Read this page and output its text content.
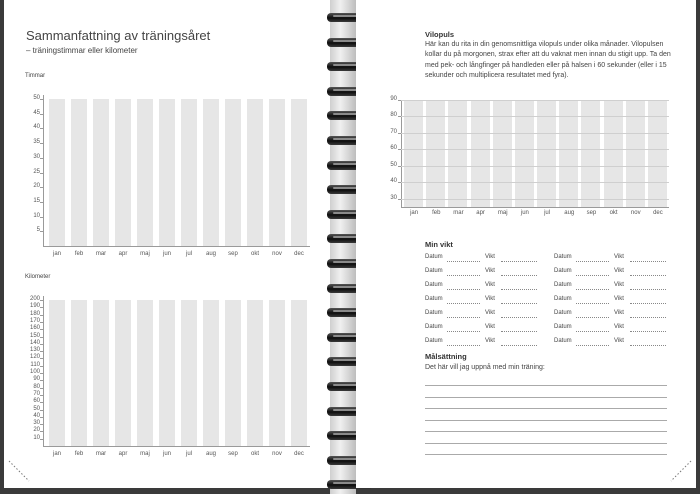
Sammanfattning av träningsåret

– träningstimmar eller kilometer

Timmar
5
10
15
20
25
30
35
40
45
50
jan	feb	mar	apr	maj	jun	jul	aug	sep	okt	nov	dec
Kilometer
10
20
30
40
50
60
70
80
90
100
110
120
130
140
150
160
170
180
190
200
jan	feb	mar	apr	maj	jun	jul	aug	sep	okt	nov	dec

Vilopuls

Här kan du rita in din genomsnittliga vilopuls under olika månader. Vilopulsen kollar du på morgonen, strax efter att du vaknat men innan du stigit upp. Ta den med pek- och långfinger på handleden eller på halsen i 60 sekunder (eller i 15 sekunder och multiplicera resultatet med fyra).

Min vikt

Datum	Vikt
Datum	Vikt
Datum	Vikt
Datum	Vikt
Datum	Vikt
Datum	Vikt
Datum	Vikt
Datum	Vikt
Datum	Vikt
Datum	Vikt
Datum	Vikt
Datum	Vikt
Datum	Vikt
Datum	Vikt

Målsättning

Det här vill jag uppnå med min träning:

jan	feb	mar	apr	maj	jun	jul	aug	sep	okt	nov	dec
30
40
50
60
70
80
90
